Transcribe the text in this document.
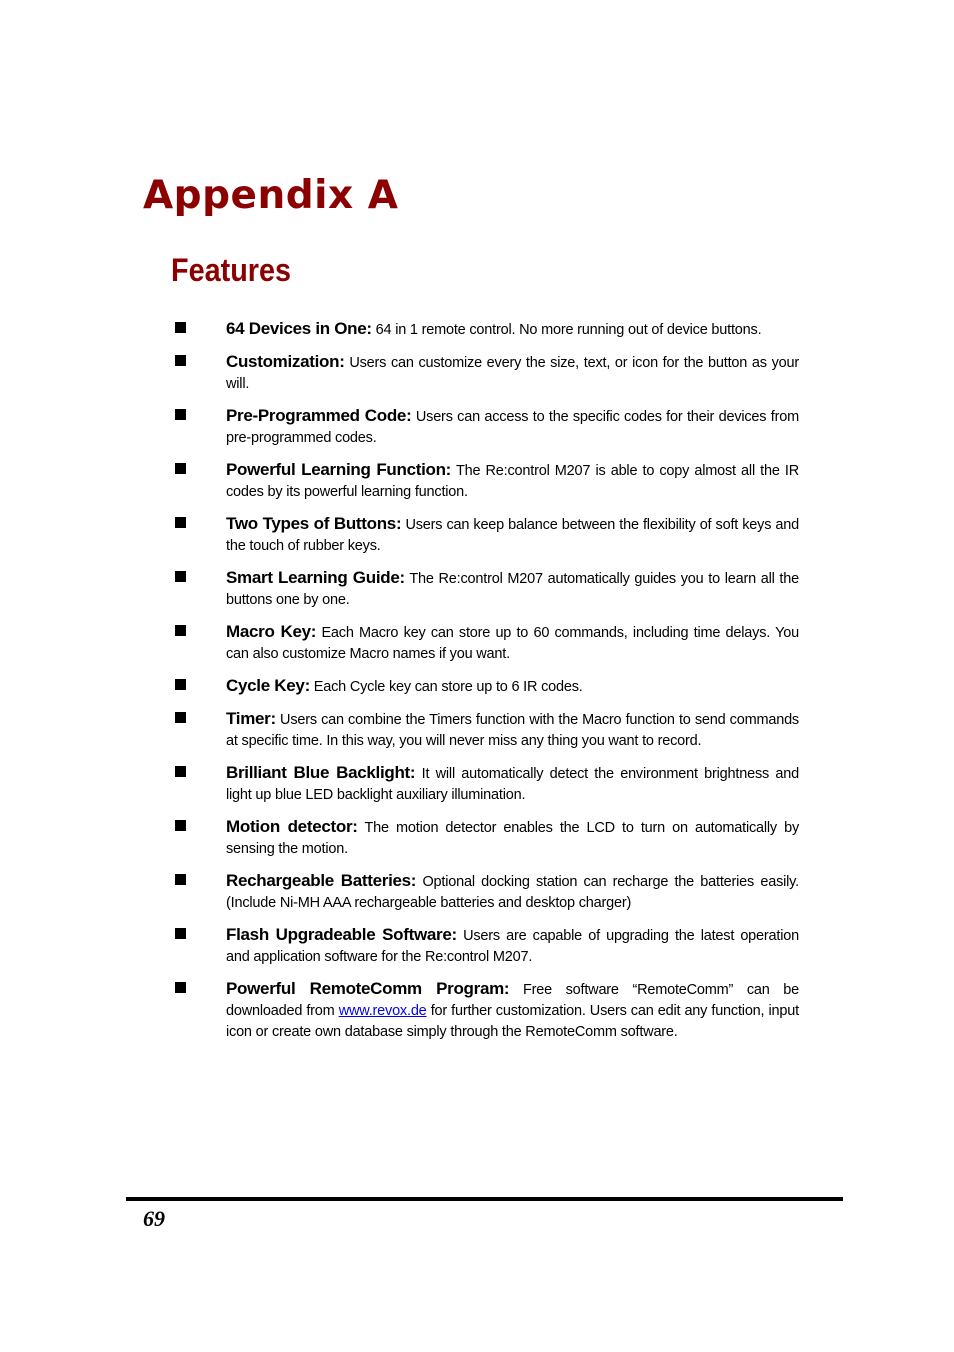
Appendix A
Features
64 Devices in One: 64 in 1 remote control. No more running out of device buttons.
Customization: Users can customize every the size, text, or icon for the button as your will.
Pre-Programmed Code: Users can access to the specific codes for their devices from pre-programmed codes.
Powerful Learning Function: The Re:control M207 is able to copy almost all the IR codes by its powerful learning function.
Two Types of Buttons: Users can keep balance between the flexibility of soft keys and the touch of rubber keys.
Smart Learning Guide: The Re:control M207 automatically guides you to learn all the buttons one by one.
Macro Key: Each Macro key can store up to 60 commands, including time delays. You can also customize Macro names if you want.
Cycle Key: Each Cycle key can store up to 6 IR codes.
Timer: Users can combine the Timers function with the Macro function to send commands at specific time. In this way, you will never miss any thing you want to record.
Brilliant Blue Backlight: It will automatically detect the environment brightness and light up blue LED backlight auxiliary illumination.
Motion detector: The motion detector enables the LCD to turn on automatically by sensing the motion.
Rechargeable Batteries: Optional docking station can recharge the batteries easily. (Include Ni-MH AAA rechargeable batteries and desktop charger)
Flash Upgradeable Software: Users are capable of upgrading the latest operation and application software for the Re:control M207.
Powerful RemoteComm Program: Free software “RemoteComm” can be downloaded from www.revox.de for further customization. Users can edit any function, input icon or create own database simply through the RemoteComm software.
69
